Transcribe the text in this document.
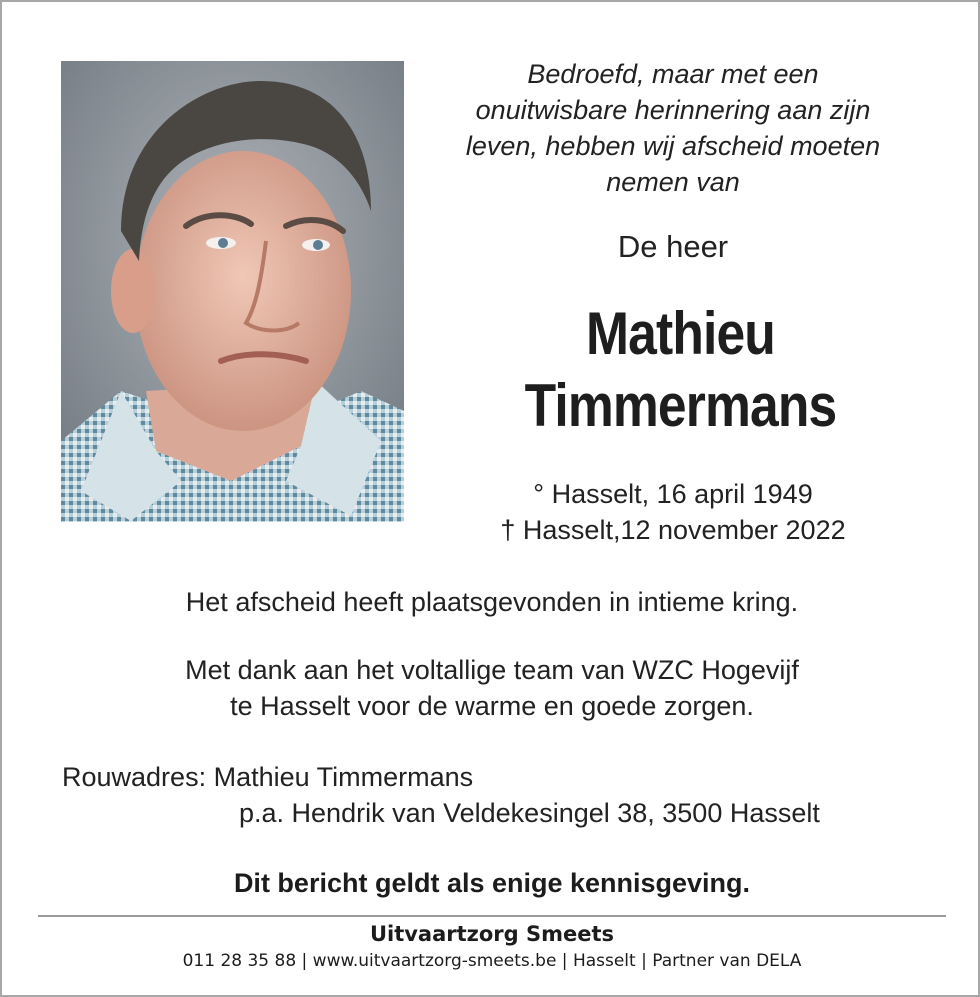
Bedroefd, maar met een
onuitwisbare herinnering aan zijn
leven, hebben wij afscheid moeten
nemen van
De heer
Mathieu
Timmermans
° Hasselt, 16 april 1949
† Hasselt,12 november 2022
Het afscheid heeft plaatsgevonden in intieme kring.
Met dank aan het voltallige team van WZC Hogevijf
te Hasselt voor de warme en goede zorgen.
Rouwadres: Mathieu Timmermans
p.a. Hendrik van Veldekesingel 38, 3500 Hasselt
Dit bericht geldt als enige kennisgeving.
Uitvaartzorg Smeets
011 28 35 88 | www.uitvaartzorg-smeets.be | Hasselt | Partner van DELA
